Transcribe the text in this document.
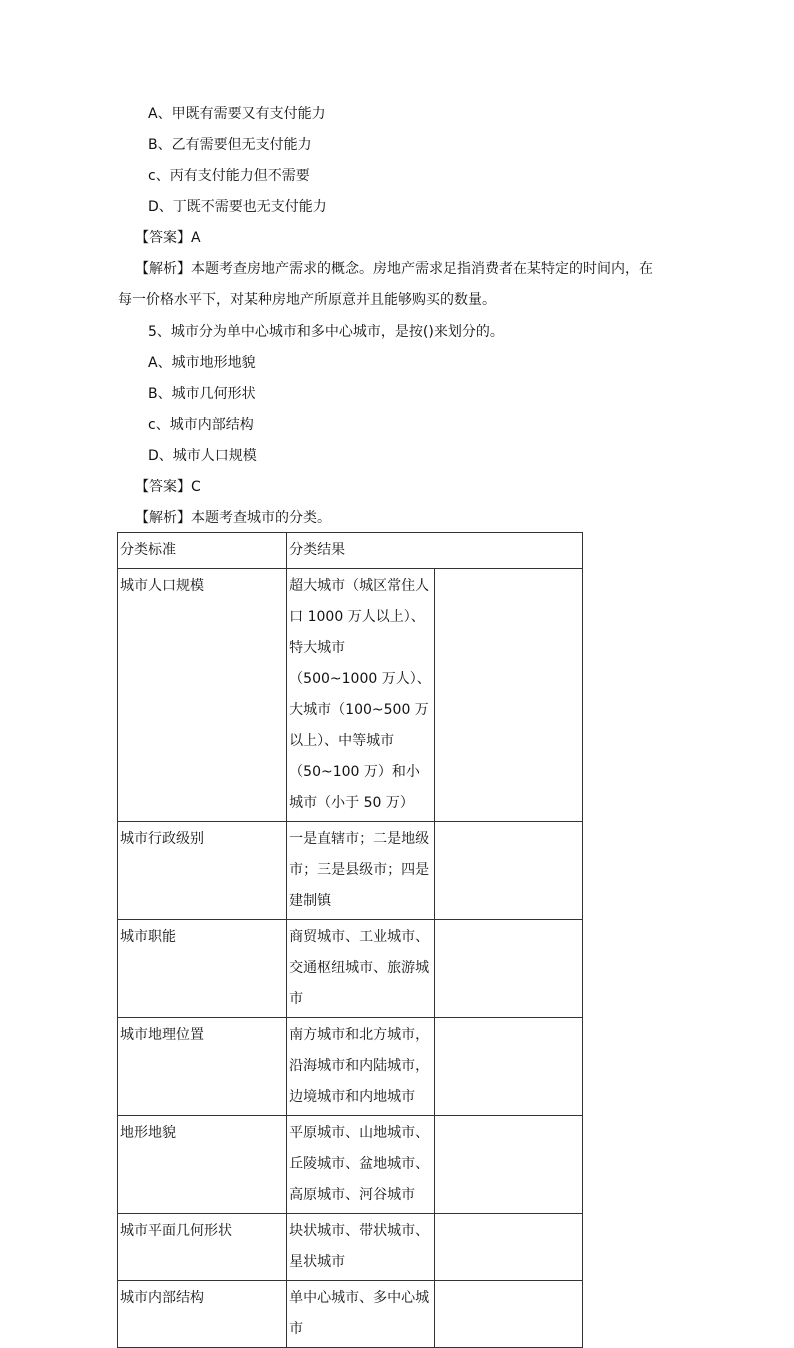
A、甲既有需要又有支付能力
B、乙有需要但无支付能力
c、丙有支付能力但不需要
D、丁既不需要也无支付能力
【答案】A
【解析】本题考查房地产需求的概念。房地产需求足指消费者在某特定的时间内，在
每一价格水平下，对某种房地产所原意并且能够购买的数量。
5、城市分为单中心城市和多中心城市，是按()来划分的。
A、城市地形地貌
B、城市几何形状
c、城市内部结构
D、城市人口规模
【答案】C
【解析】本题考查城市的分类。
分类标准	分类结果	
城市人口规模	超大城市（城区常住人口 1000 万人以上）、特大城市（500~1000 万人）、大城市（100~500 万以上）、中等城市（50~100 万）和小城市（小于 50 万）	
城市行政级别	一是直辖市；二是地级市；三是县级市；四是建制镇	
城市职能	商贸城市、工业城市、交通枢纽城市、旅游城市	
城市地理位置	南方城市和北方城市，沿海城市和内陆城市，边境城市和内地城市	
地形地貌	平原城市、山地城市、丘陵城市、盆地城市、高原城市、河谷城市	
城市平面几何形状	块状城市、带状城市、星状城市	
城市内部结构	单中心城市、多中心城市	
